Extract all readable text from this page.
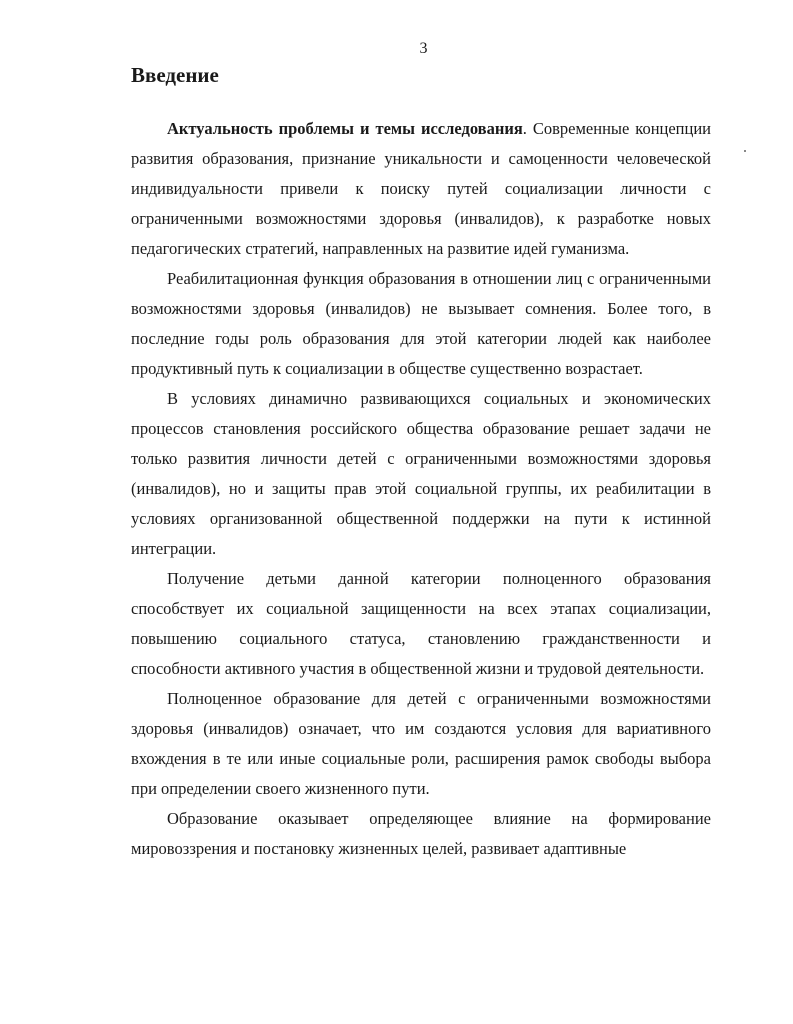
3
Введение

Актуальность проблемы и темы исследования. Современные концепции развития образования, признание уникальности и самоценности человеческой индивидуальности привели к поиску путей социализации личности с ограниченными возможностями здоровья (инвалидов), к разработке новых педагогических стратегий, направленных на развитие идей гуманизма.

Реабилитационная функция образования в отношении лиц с ограниченными возможностями здоровья (инвалидов) не вызывает сомнения. Более того, в последние годы роль образования для этой категории людей как наиболее продуктивный путь к социализации в обществе существенно возрастает.

В условиях динамично развивающихся социальных и экономических процессов становления российского общества образование решает задачи не только развития личности детей с ограниченными возможностями здоровья (инвалидов), но и защиты прав этой социальной группы, их реабилитации в условиях организованной общественной поддержки на пути к истинной интеграции.

Получение детьми данной категории полноценного образования способствует их социальной защищенности на всех этапах социализации, повышению социального статуса, становлению гражданственности и способности активного участия в общественной жизни и трудовой деятельности.

Полноценное образование для детей с ограниченными возможностями здоровья (инвалидов) означает, что им создаются условия для вариативного вхождения в те или иные социальные роли, расширения рамок свободы выбора при определении своего жизненного пути.

Образование оказывает определяющее влияние на формирование мировоззрения и постановку жизненных целей, развивает адаптивные
